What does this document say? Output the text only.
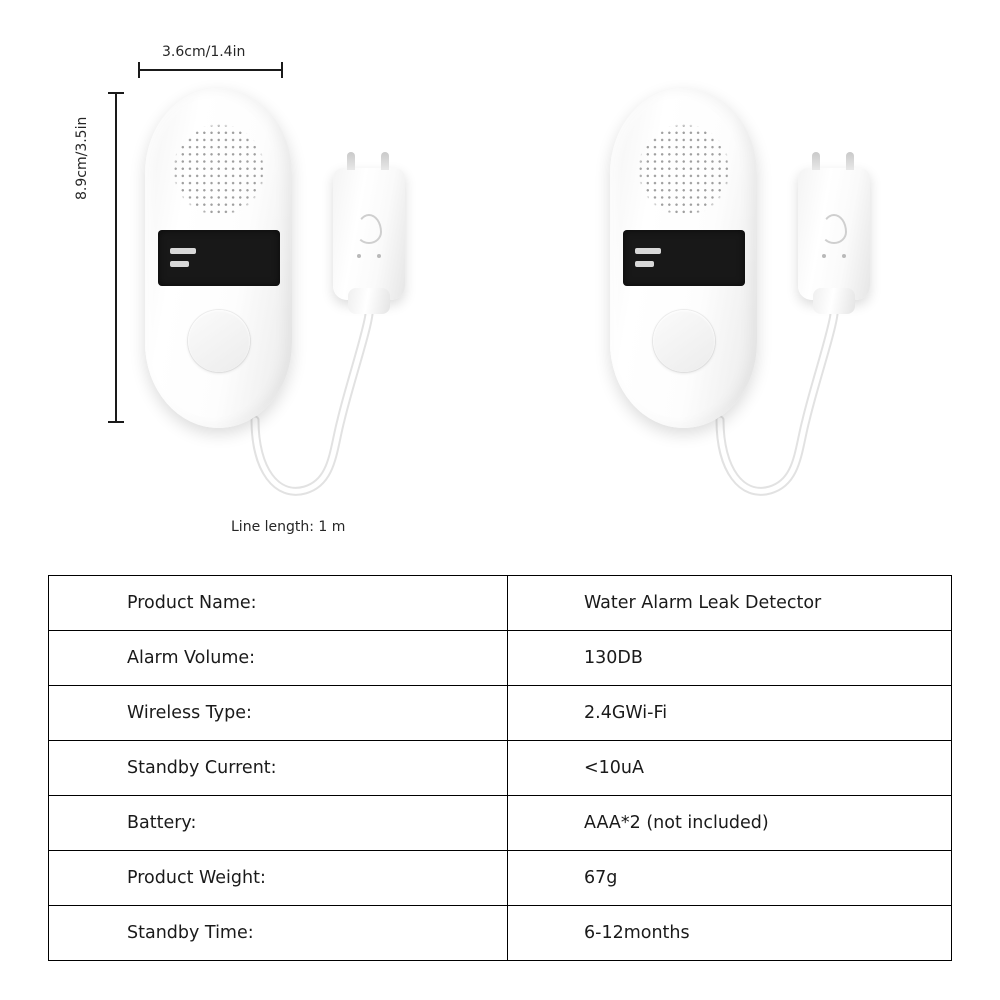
3.6cm/1.4in
8.9cm/3.5in
Line length: 1 m
Product Name:	Water Alarm Leak Detector
Alarm Volume:	130DB
Wireless Type:	2.4GWi-Fi
Standby Current:	<10uA
Battery:	AAA*2 (not included)
Product Weight:	67g
Standby Time:	6-12months
